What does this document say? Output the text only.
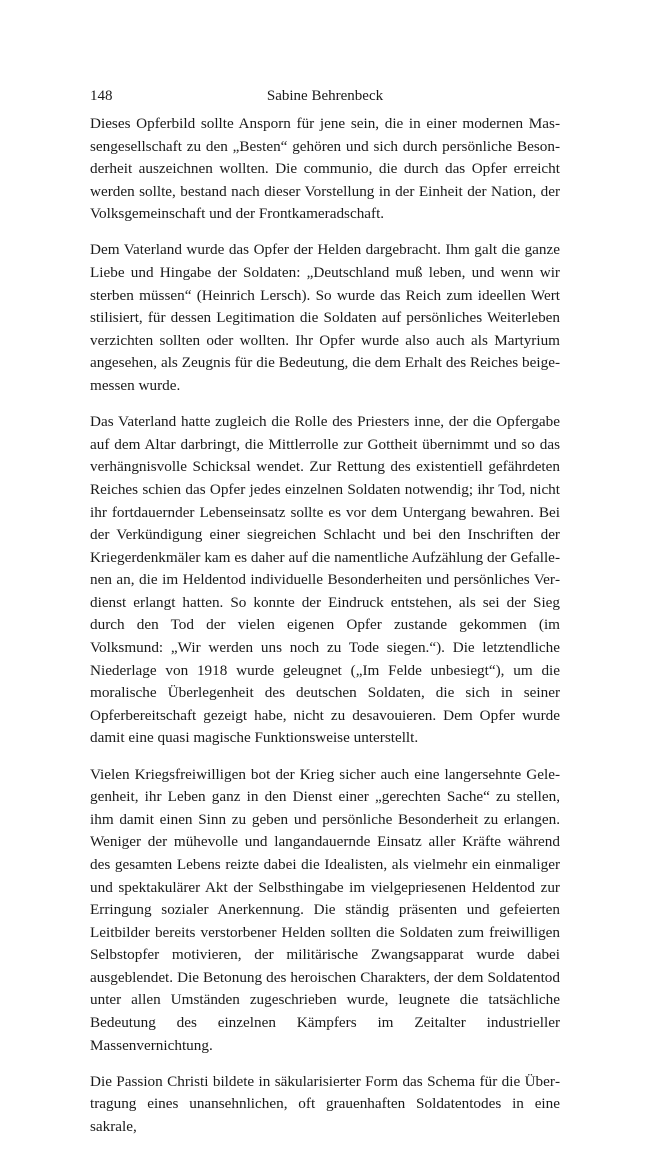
148	Sabine Behrenbeck

Dieses Opferbild sollte Ansporn für jene sein, die in einer modernen Massengesellschaft zu den „Besten“ gehören und sich durch persönliche Besonderheit auszeichnen wollten. Die communio, die durch das Opfer erreicht werden sollte, bestand nach dieser Vorstellung in der Einheit der Nation, der Volksgemeinschaft und der Frontkameradschaft.

Dem Vaterland wurde das Opfer der Helden dargebracht. Ihm galt die ganze Liebe und Hingabe der Soldaten: „Deutschland muß leben, und wenn wir sterben müssen“ (Heinrich Lersch). So wurde das Reich zum ideellen Wert stilisiert, für dessen Legitimation die Soldaten auf persönliches Weiterleben verzichten sollten oder wollten. Ihr Opfer wurde also auch als Martyrium angesehen, als Zeugnis für die Bedeutung, die dem Erhalt des Reiches beigemessen wurde.

Das Vaterland hatte zugleich die Rolle des Priesters inne, der die Opfergabe auf dem Altar darbringt, die Mittlerrolle zur Gottheit übernimmt und so das verhängnisvolle Schicksal wendet. Zur Rettung des existentiell gefährdeten Reiches schien das Opfer jedes einzelnen Soldaten notwendig; ihr Tod, nicht ihr fortdauernder Lebenseinsatz sollte es vor dem Untergang bewahren. Bei der Verkündigung einer siegreichen Schlacht und bei den Inschriften der Kriegerdenkmäler kam es daher auf die namentliche Aufzählung der Gefallenen an, die im Heldentod individuelle Besonderheiten und persönliches Verdienst erlangt hatten. So konnte der Eindruck entstehen, als sei der Sieg durch den Tod der vielen eigenen Opfer zustande gekommen (im Volksmund: „Wir werden uns noch zu Tode siegen.“). Die letztendliche Niederlage von 1918 wurde geleugnet („Im Felde unbesiegt“), um die moralische Überlegenheit des deutschen Soldaten, die sich in seiner Opferbereitschaft gezeigt habe, nicht zu desavouieren. Dem Opfer wurde damit eine quasi magische Funktionsweise unterstellt.

Vielen Kriegsfreiwilligen bot der Krieg sicher auch eine langersehnte Gelegenheit, ihr Leben ganz in den Dienst einer „gerechten Sache“ zu stellen, ihm damit einen Sinn zu geben und persönliche Besonderheit zu erlangen. Weniger der mühevolle und langandauernde Einsatz aller Kräfte während des gesamten Lebens reizte dabei die Idealisten, als vielmehr ein einmaliger und spektakulärer Akt der Selbsthingabe im vielgepriesenen Heldentod zur Erringung sozialer Anerkennung. Die ständig präsenten und gefeierten Leitbilder bereits verstorbener Helden sollten die Soldaten zum freiwilligen Selbstopfer motivieren, der militärische Zwangsapparat wurde dabei ausgeblendet. Die Betonung des heroischen Charakters, der dem Soldatentod unter allen Umständen zugeschrieben wurde, leugnete die tatsächliche Bedeutung des einzelnen Kämpfers im Zeitalter industrieller Massenvernichtung.

Die Passion Christi bildete in säkularisierter Form das Schema für die Übertragung eines unansehnlichen, oft grauenhaften Soldatentodes in eine sakrale,
